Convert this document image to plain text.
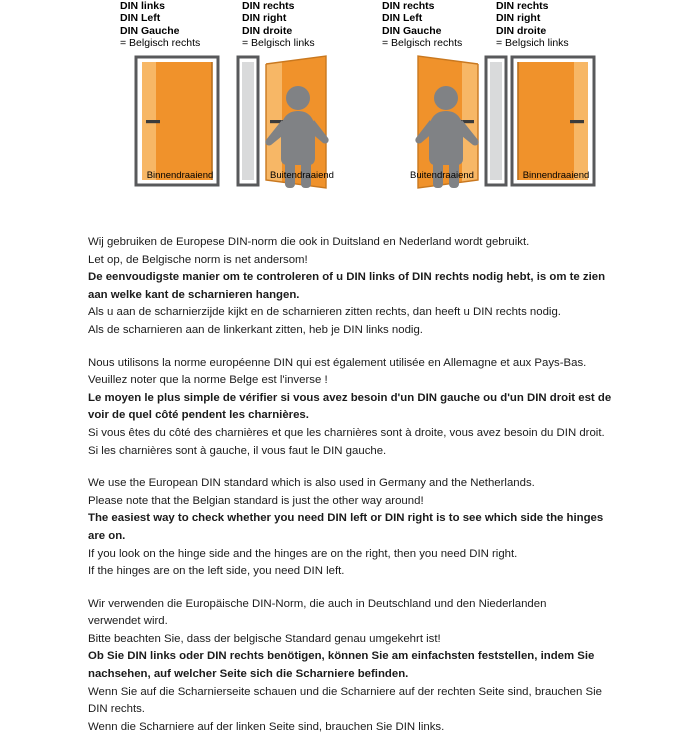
DIN links
DIN Left
DIN Gauche
= Belgisch rechts
Binnendraaiend
DIN rechts
DIN right
DIN droite
= Belgisch links
Buitendraaiend
DIN rechts
DIN Left
DIN Gauche
= Belgisch rechts
Buitendraaiend
DIN rechts
DIN right
DIN droite
= Belgsich links
Binnendraaiend
Wij gebruiken de Europese DIN-norm die ook in Duitsland en Nederland wordt gebruikt.
Let op, de Belgische norm is net andersom!
De eenvoudigste manier om te controleren of u DIN links of DIN rechts nodig hebt, is om te zien
aan welke kant de scharnieren hangen.
Als u aan de scharnierzijde kijkt en de scharnieren zitten rechts, dan heeft u DIN rechts nodig.
Als de scharnieren aan de linkerkant zitten, heb je DIN links nodig.
Nous utilisons la norme européenne DIN qui est également utilisée en Allemagne et aux Pays-Bas.
Veuillez noter que la norme Belge est l'inverse !
Le moyen le plus simple de vérifier si vous avez besoin d'un DIN gauche ou d'un DIN droit est de
voir de quel côté pendent les charnières.
Si vous êtes du côté des charnières et que les charnières sont à droite, vous avez besoin du DIN droit.
Si les charnières sont à gauche, il vous faut le DIN gauche.
We use the European DIN standard which is also used in Germany and the Netherlands.
Please note that the Belgian standard is just the other way around!
The easiest way to check whether you need DIN left or DIN right is to see which side the hinges
are on.
If you look on the hinge side and the hinges are on the right, then you need DIN right.
If the hinges are on the left side, you need DIN left.
Wir verwenden die Europäische DIN-Norm, die auch in Deutschland und den Niederlanden
verwendet wird.
Bitte beachten Sie, dass der belgische Standard genau umgekehrt ist!
Ob Sie DIN links oder DIN rechts benötigen, können Sie am einfachsten feststellen, indem Sie
nachsehen, auf welcher Seite sich die Scharniere befinden.
Wenn Sie auf die Scharnierseite schauen und die Scharniere auf der rechten Seite sind, brauchen Sie
DIN rechts.
Wenn die Scharniere auf der linken Seite sind, brauchen Sie DIN links.
